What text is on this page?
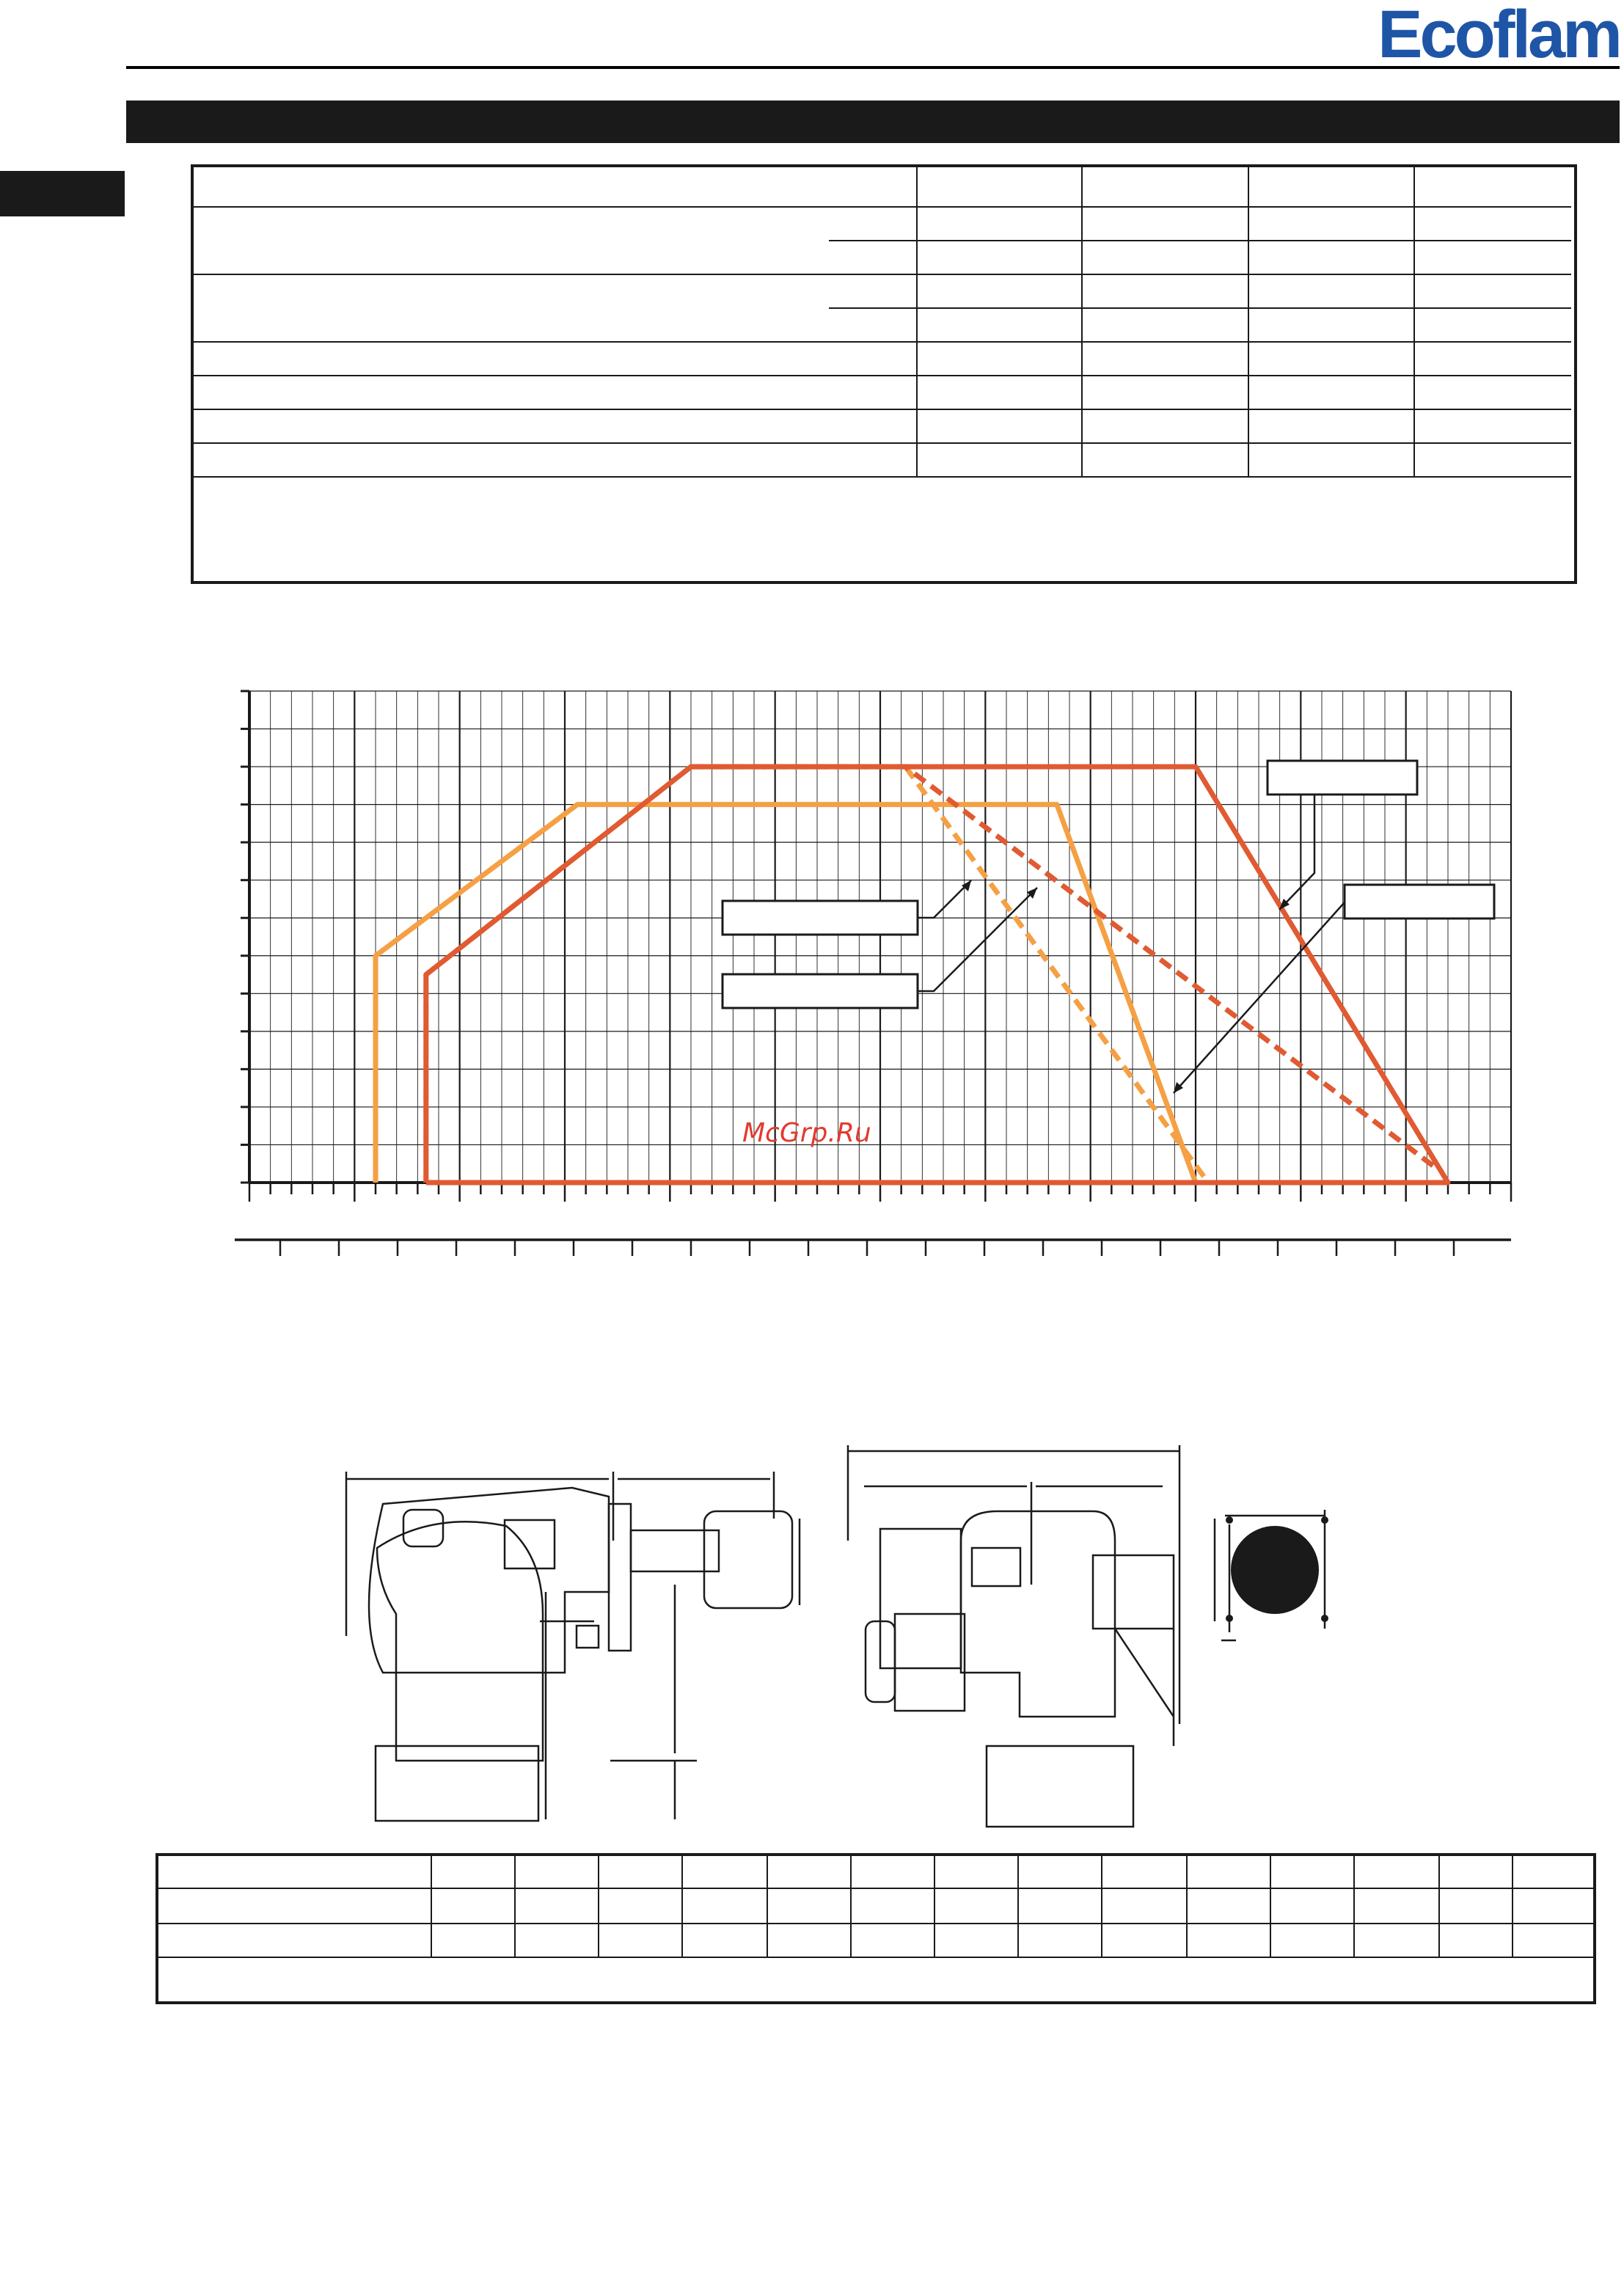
Ecoflam
McGrp.Ru
